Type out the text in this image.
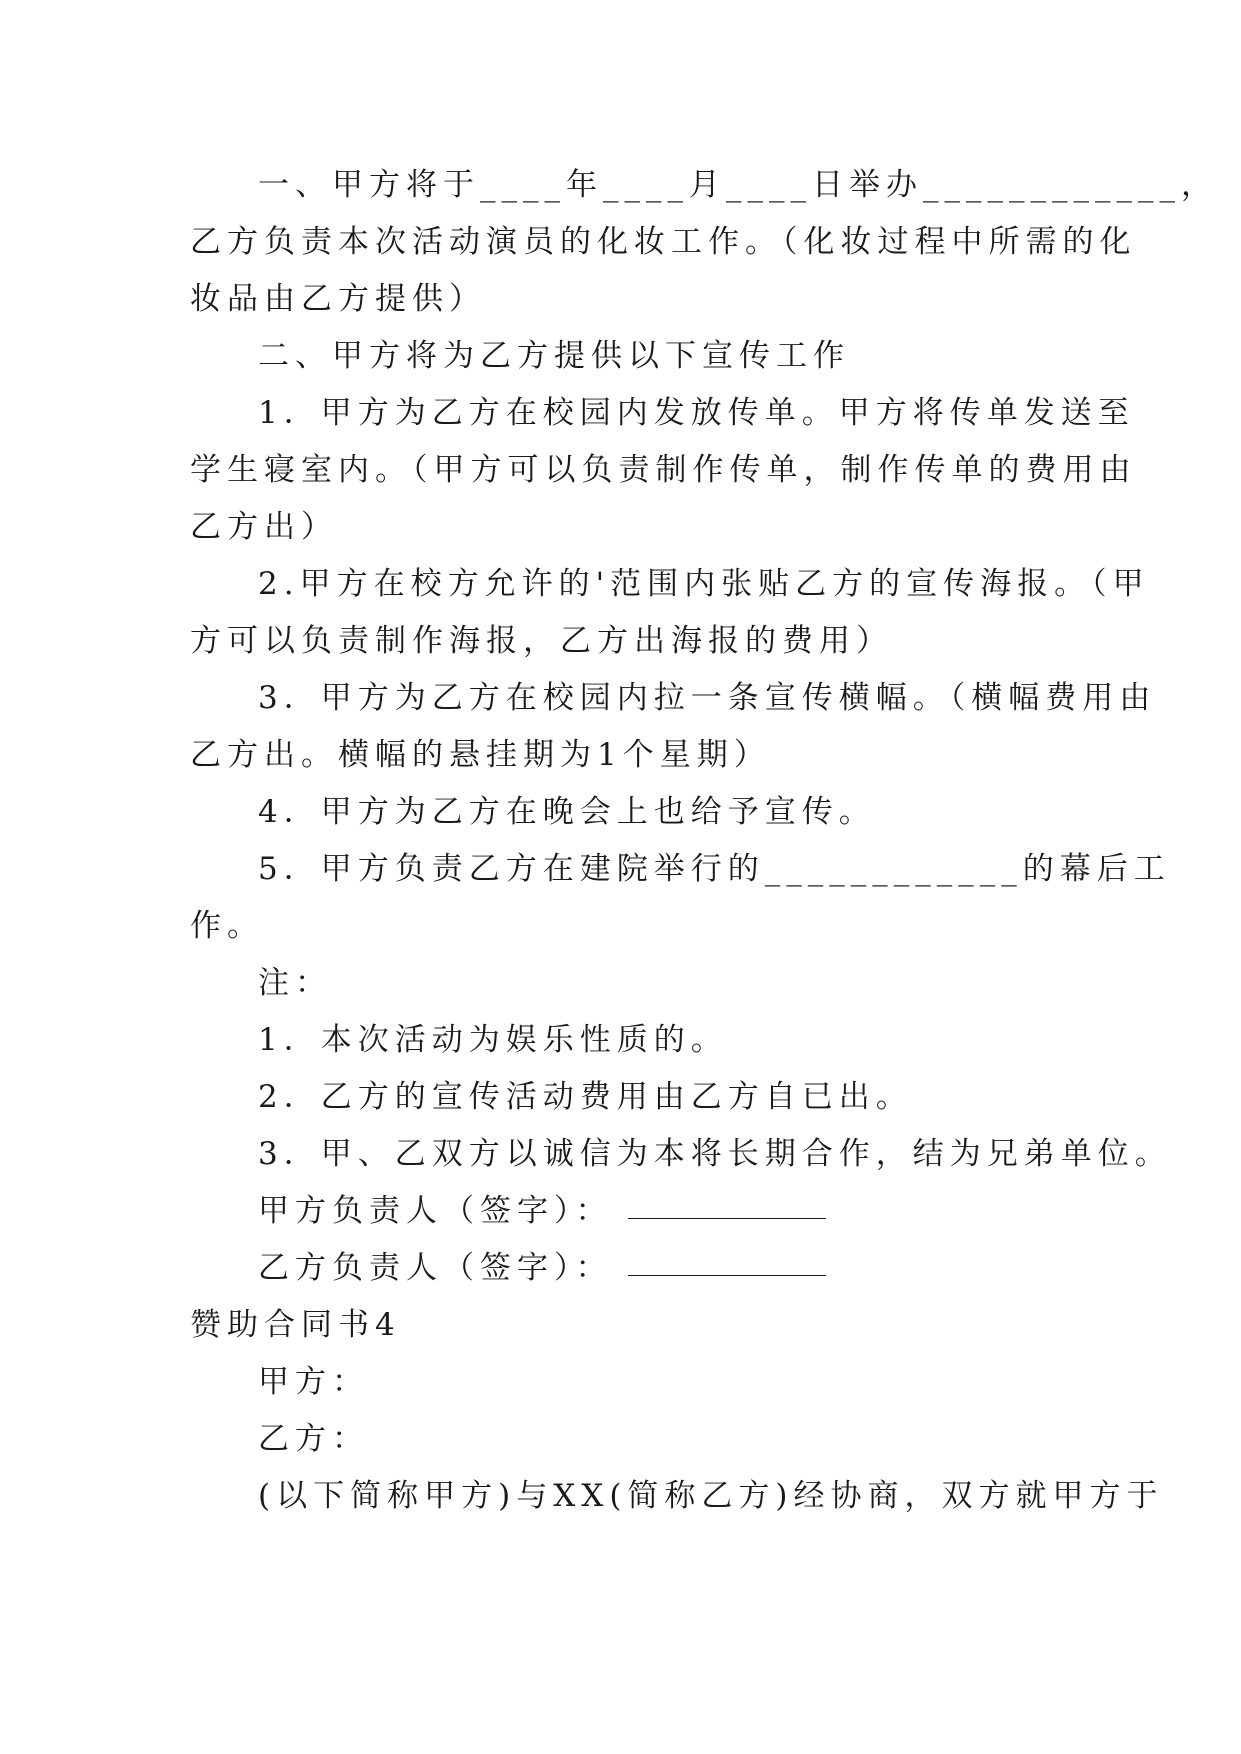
一、甲方将于____年____月____日举办____________，
乙方负责本次活动演员的化妆工作。（化妆过程中所需的化
妆品由乙方提供）
二、甲方将为乙方提供以下宣传工作
1．甲方为乙方在校园内发放传单。甲方将传单发送至
学生寝室内。（甲方可以负责制作传单，制作传单的费用由
乙方出）
2.甲方在校方允许的'范围内张贴乙方的宣传海报。（甲
方可以负责制作海报，乙方出海报的费用）
3．甲方为乙方在校园内拉一条宣传横幅。（横幅费用由
乙方出。横幅的悬挂期为1个星期）
4．甲方为乙方在晚会上也给予宣传。
5．甲方负责乙方在建院举行的____________的幕后工
作。
注：
1．本次活动为娱乐性质的。
2．乙方的宣传活动费用由乙方自已出。
3．甲、乙双方以诚信为本将长期合作，结为兄弟单位。
甲方负责人（签字）：
乙方负责人（签字）：
赞助合同书4
甲方：
乙方：
(以下简称甲方)与XX(简称乙方)经协商，双方就甲方于
